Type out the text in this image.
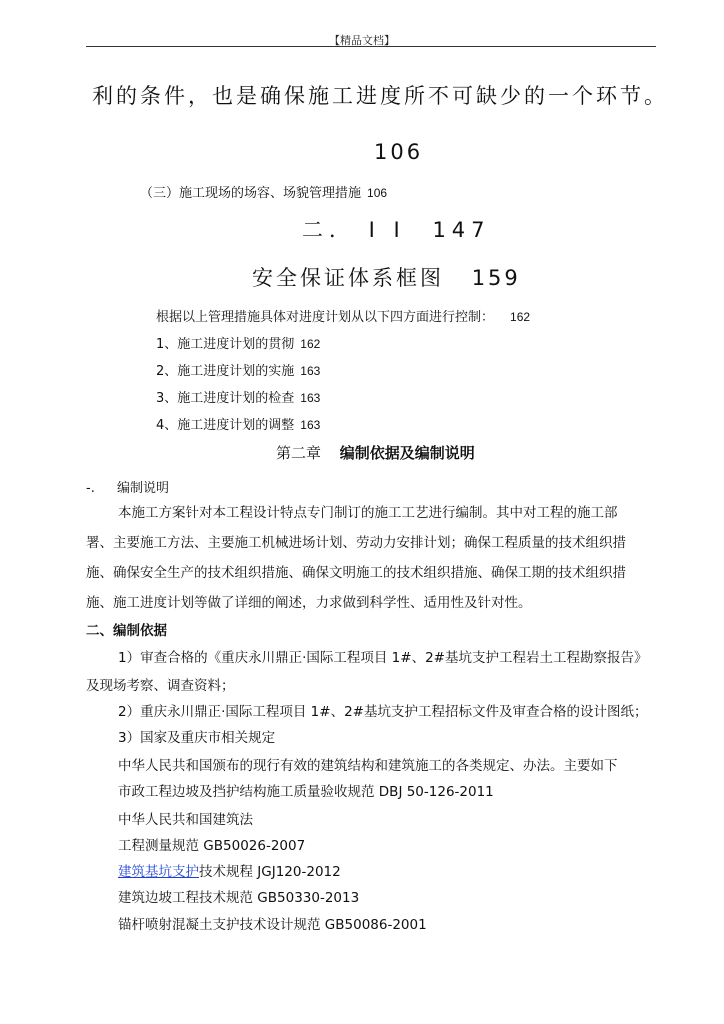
【精品文档】
利的条件，也是确保施工进度所不可缺少的一个环节。
106
（三）施工现场的场容、场貌管理措施 106
二． I I 147
安全保证体系框图 159
根据以上管理措施具体对进度计划从以下四方面进行控制： 162
1、施工进度计划的贯彻 162
2、施工进度计划的实施 163
3、施工进度计划的检查 163
4、施工进度计划的调整 163
第二章 编制依据及编制说明
-. 编制说明
本施工方案针对本工程设计特点专门制订的施工工艺进行编制。其中对工程的施工部
署、主要施工方法、主要施工机械进场计划、劳动力安排计划；确保工程质量的技术组织措
施、确保安全生产的技术组织措施、确保文明施工的技术组织措施、确保工期的技术组织措
施、施工进度计划等做了详细的阐述，力求做到科学性、适用性及针对性。
二、编制依据
1）审查合格的《重庆永川鼎正·国际工程项目 1#、2#基坑支护工程岩土工程勘察报告》
及现场考察、调查资料；
2）重庆永川鼎正·国际工程项目 1#、2#基坑支护工程招标文件及审查合格的设计图纸；
3）国家及重庆市相关规定
中华人民共和国颁布的现行有效的建筑结构和建筑施工的各类规定、办法。主要如下
市政工程边坡及挡护结构施工质量验收规范 DBJ 50-126-2011
中华人民共和国建筑法
工程测量规范 GB50026-2007
建筑基坑支护技术规程 JGJ120-2012
建筑边坡工程技术规范 GB50330-2013
锚杆喷射混凝土支护技术设计规范 GB50086-2001
